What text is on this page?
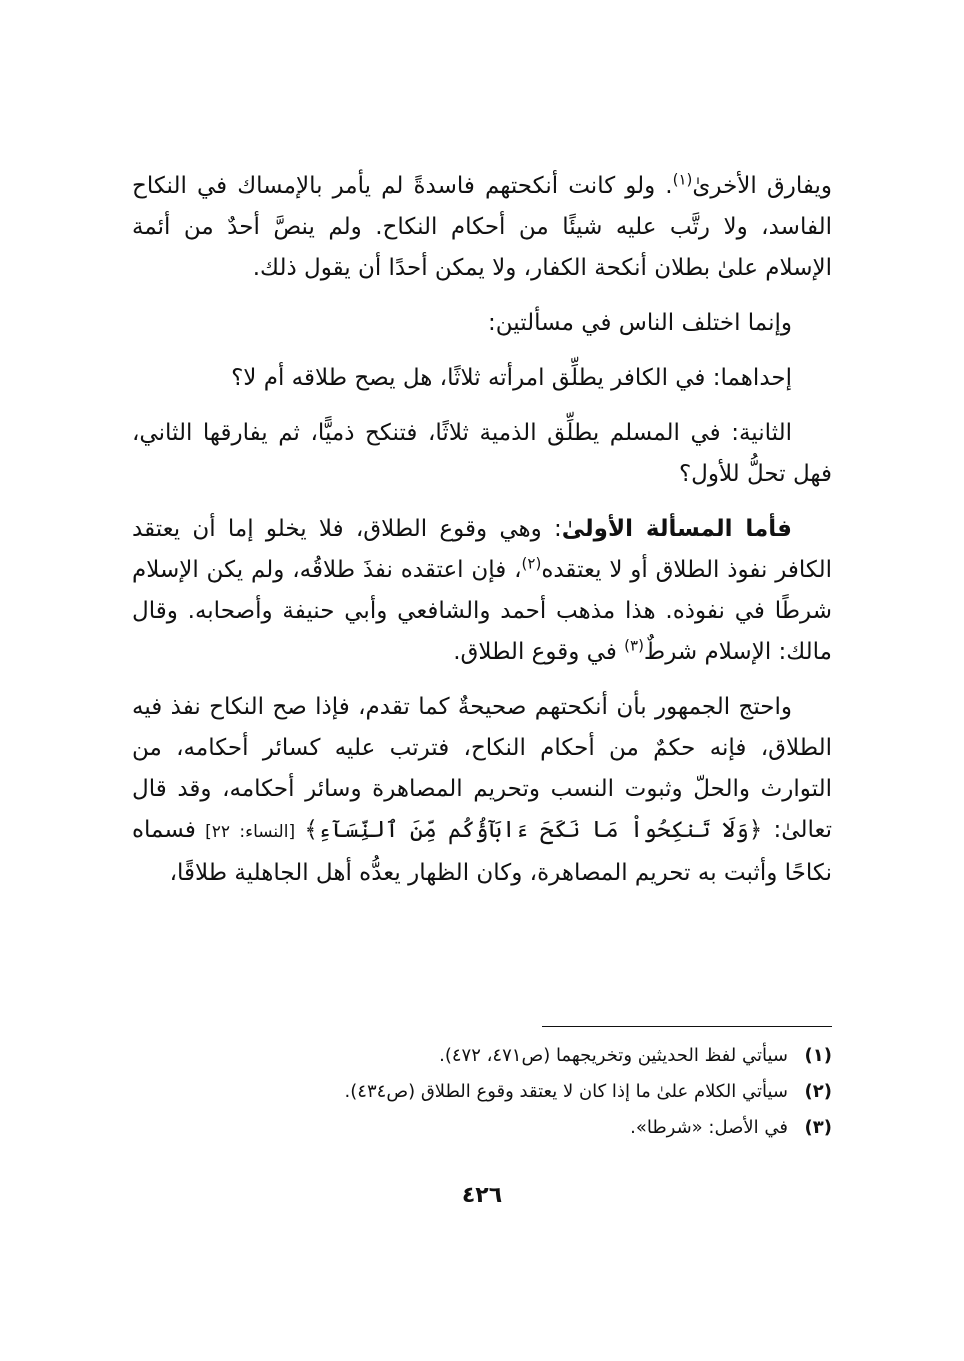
ويفارق الأخرىٰ$^{(١)}$. ولو كانت أنكحتهم فاسدةً لم يأمر بالإمساك في النكاح الفاسد، ولا رتَّب عليه شيئًا من أحكام النكاح. ولم ينصَّ أحدٌ من أئمة الإسلام علىٰ بطلان أنكحة الكفار، ولا يمكن أحدًا أن يقول ذلك.

وإنما اختلف الناس في مسألتين:

إحداهما: في الكافر يطلِّق امرأته ثلاثًا، هل يصح طلاقه أم لا؟

الثانية: في المسلم يطلِّق الذمية ثلاثًا، فتنكح ذميًّا، ثم يفارقها الثاني، فهل تحلُّ للأول؟

فأما المسألة الأولىٰ: وهي وقوع الطلاق، فلا يخلو إما أن يعتقد الكافر نفوذ الطلاق أو لا يعتقده$^{(٢)}$، فإن اعتقده نفذَ طلاقُه، ولم يكن الإسلام شرطًا في نفوذه. هذا مذهب أحمد والشافعي وأبي حنيفة وأصحابه. وقال مالك: الإسلام شرطٌ$^{(٣)}$ في وقوع الطلاق.

واحتج الجمهور بأن أنكحتهم صحيحةٌ كما تقدم، فإذا صح النكاح نفذ فيه الطلاق، فإنه حكمٌ من أحكام النكاح، فترتب عليه كسائر أحكامه، من التوارث والحلّ وثبوت النسب وتحريم المصاهرة وسائر أحكامه، وقد قال تعالىٰ: ﴿وَلَا تَنكِحُواْ مَا نَكَحَ ءَابَآؤُكُم مِّنَ ٱلنِّسَآءِ﴾ [النساء: ٢٢] فسماه نكاحًا وأثبت به تحريم المصاهرة، وكان الظهار يعدُّه أهل الجاهلية طلاقًا،

(١)
سيأتي لفظ الحديثين وتخريجهما (ص٤٧١، ٤٧٢).
(٢)
سيأتي الكلام علىٰ ما إذا كان لا يعتقد وقوع الطلاق (ص٤٣٤).
(٣)
في الأصل: «شرطا».
٤٢٦
